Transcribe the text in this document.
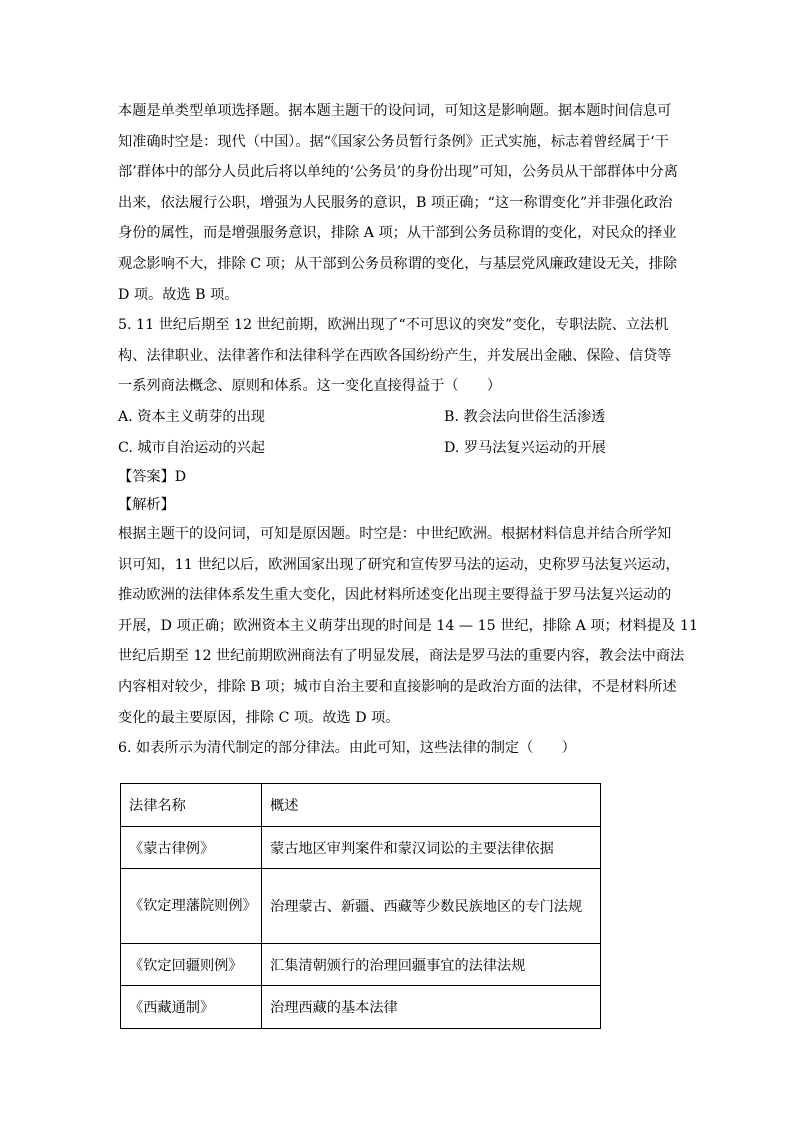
本题是单类型单项选择题。据本题主题干的设问词，可知这是影响题。据本题时间信息可
知准确时空是：现代（中国）。据“《国家公务员暂行条例》正式实施，标志着曾经属于‘干
部’群体中的部分人员此后将以单纯的‘公务员’的身份出现”可知，公务员从干部群体中分离
出来，依法履行公职，增强为人民服务的意识，B 项正确；“这一称谓变化”并非强化政治
身份的属性，而是增强服务意识，排除 A 项；从干部到公务员称谓的变化，对民众的择业
观念影响不大，排除 C 项；从干部到公务员称谓的变化，与基层党风廉政建设无关，排除
D 项。故选 B 项。
5. 11 世纪后期至 12 世纪前期，欧洲出现了“不可思议的突发”变化，专职法院、立法机
构、法律职业、法律著作和法律科学在西欧各国纷纷产生，并发展出金融、保险、信贷等
一系列商法概念、原则和体系。这一变化直接得益于（　　）
A. 资本主义萌芽的出现	B. 教会法向世俗生活渗透
C. 城市自治运动的兴起	D. 罗马法复兴运动的开展

【答案】D

【解析】

根据主题干的设问词，可知是原因题。时空是：中世纪欧洲。根据材料信息并结合所学知
识可知，11 世纪以后，欧洲国家出现了研究和宣传罗马法的运动，史称罗马法复兴运动，
推动欧洲的法律体系发生重大变化，因此材料所述变化出现主要得益于罗马法复兴运动的
开展，D 项正确；欧洲资本主义萌芽出现的时间是 14 — 15 世纪，排除 A 项；材料提及 11
世纪后期至 12 世纪前期欧洲商法有了明显发展，商法是罗马法的重要内容，教会法中商法
内容相对较少，排除 B 项；城市自治主要和直接影响的是政治方面的法律，不是材料所述
变化的最主要原因，排除 C 项。故选 D 项。
6. 如表所示为清代制定的部分律法。由此可知，这些法律的制定（　　）
法律名称	概述
《蒙古律例》	蒙古地区审判案件和蒙汉词讼的主要法律依据
《钦定理藩院则例》	治理蒙古、新疆、西藏等少数民族地区的专门法规
《钦定回疆则例》	汇集清朝颁行的治理回疆事宜的法律法规
《西藏通制》	治理西藏的基本法律
